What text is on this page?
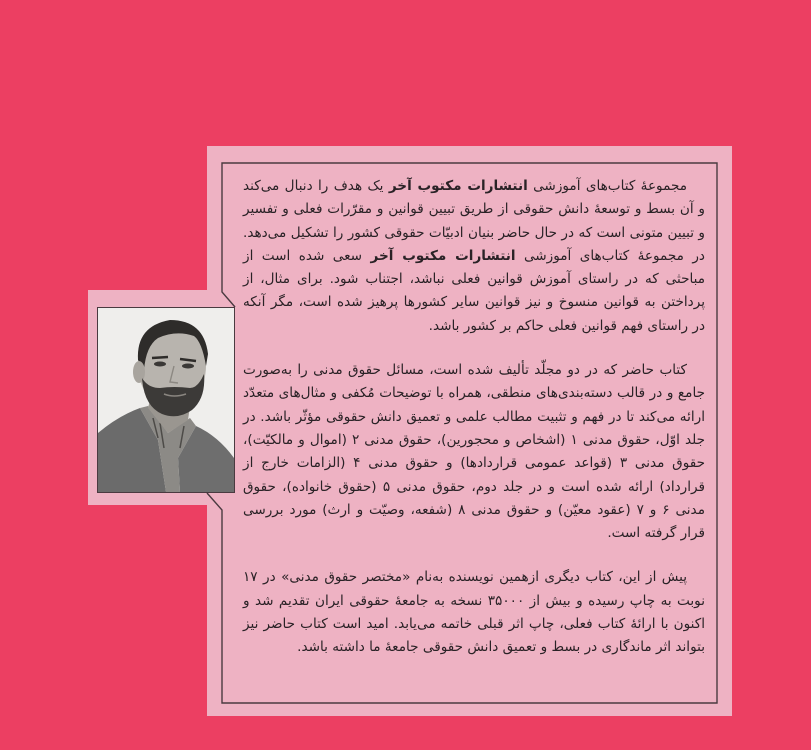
مجموعهٔ کتاب‌های آموزشی انتشارات مکتوب آخر یک هدف را دنبال می‌کند و آن بسط و توسعهٔ دانش حقوقی از طریق تبیین قوانین و مقرّرات فعلی و تفسیر و تبیین متونی است که در حال حاضر بنیان ادبیّات حقوقی کشور را تشکیل می‌دهد. در مجموعهٔ کتاب‌های آموزشی انتشارات مکتوب آخر سعی شده است از مباحثی که در راستای آموزش قوانین فعلی نباشد، اجتناب شود. برای مثال، از پرداختن به قوانین منسوخ و نیز قوانین سایر کشورها پرهیز شده است، مگر آنکه در راستای فهم قوانین فعلی حاکم بر کشور باشد.

کتاب حاضر که در دو مجلّد تألیف شده است، مسائل حقوق مدنی را به‌صورت جامع و در قالب دسته‌بندی‌های منطقی، همراه با توضیحات مُکفی و مثال‌های متعدّد ارائه می‌کند تا در فهم و تثبیت مطالب علمی و تعمیق دانش حقوقی مؤثّر باشد. در جلد اوّل، حقوق مدنی ۱ (اشخاص و محجورین)، حقوق مدنی ۲ (اموال و مالکیّت)، حقوق مدنی ۳ (قواعد عمومی قراردادها) و حقوق مدنی ۴ (الزامات خارج از قرارداد) ارائه شده است و در جلد دوم، حقوق مدنی ۵ (حقوق خانواده)، حقوق مدنی ۶ و ۷ (عقود معیّن) و حقوق مدنی ۸ (شفعه، وصیّت و ارث) مورد بررسی قرار گرفته است.

پیش از این، کتاب دیگری ازهمین نویسنده به‌نام «مختصر حقوق مدنی» در ۱۷ نوبت به چاپ رسیده و بیش از ۳۵۰۰۰ نسخه به جامعهٔ حقوقی ایران تقدیم شد و اکنون با ارائهٔ کتاب فعلی، چاپ اثر قبلی خاتمه می‌یابد. امید است کتاب حاضر نیز بتواند اثر ماندگاری در بسط و تعمیق دانش حقوقی جامعهٔ ما داشته باشد.
